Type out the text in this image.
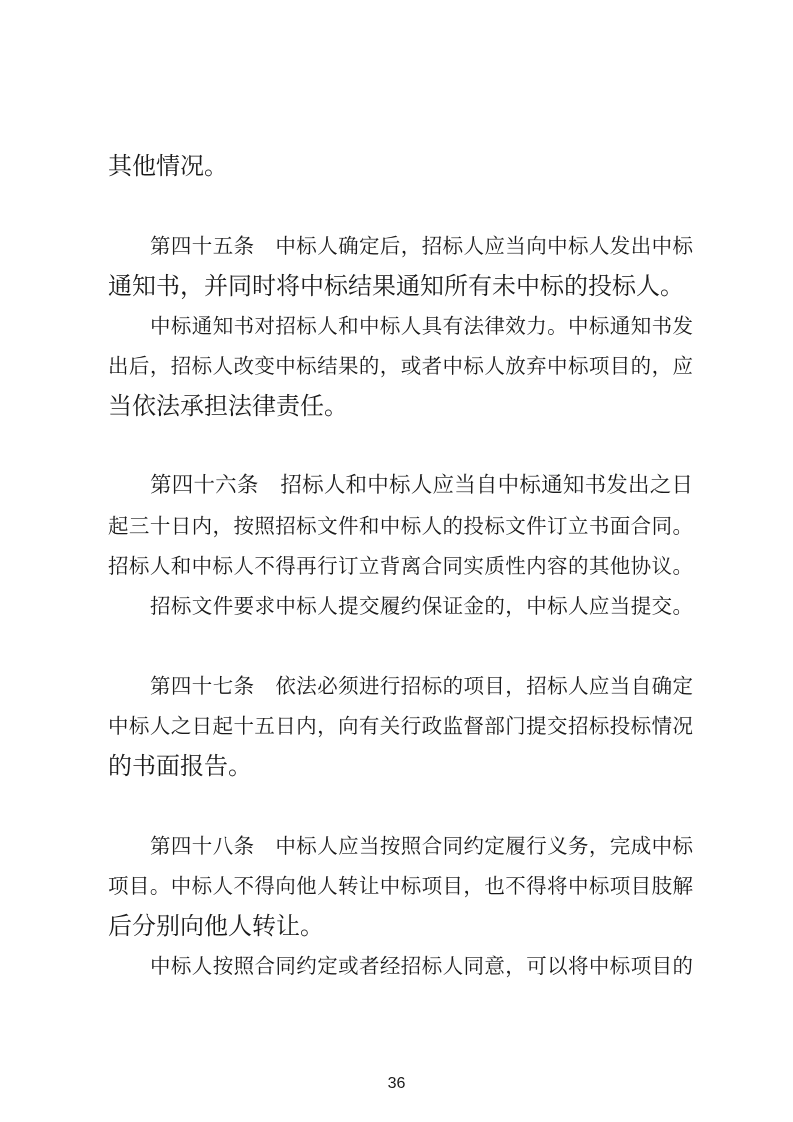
其他情况。
第四十五条　中标人确定后，招标人应当向中标人发出中标
通知书，并同时将中标结果通知所有未中标的投标人。
中标通知书对招标人和中标人具有法律效力。中标通知书发
出后，招标人改变中标结果的，或者中标人放弃中标项目的，应
当依法承担法律责任。
第四十六条　招标人和中标人应当自中标通知书发出之日
起三十日内，按照招标文件和中标人的投标文件订立书面合同。
招标人和中标人不得再行订立背离合同实质性内容的其他协议。
招标文件要求中标人提交履约保证金的，中标人应当提交。
第四十七条　依法必须进行招标的项目，招标人应当自确定
中标人之日起十五日内，向有关行政监督部门提交招标投标情况
的书面报告。
第四十八条　中标人应当按照合同约定履行义务，完成中标
项目。中标人不得向他人转让中标项目，也不得将中标项目肢解
后分别向他人转让。
中标人按照合同约定或者经招标人同意，可以将中标项目的
36
